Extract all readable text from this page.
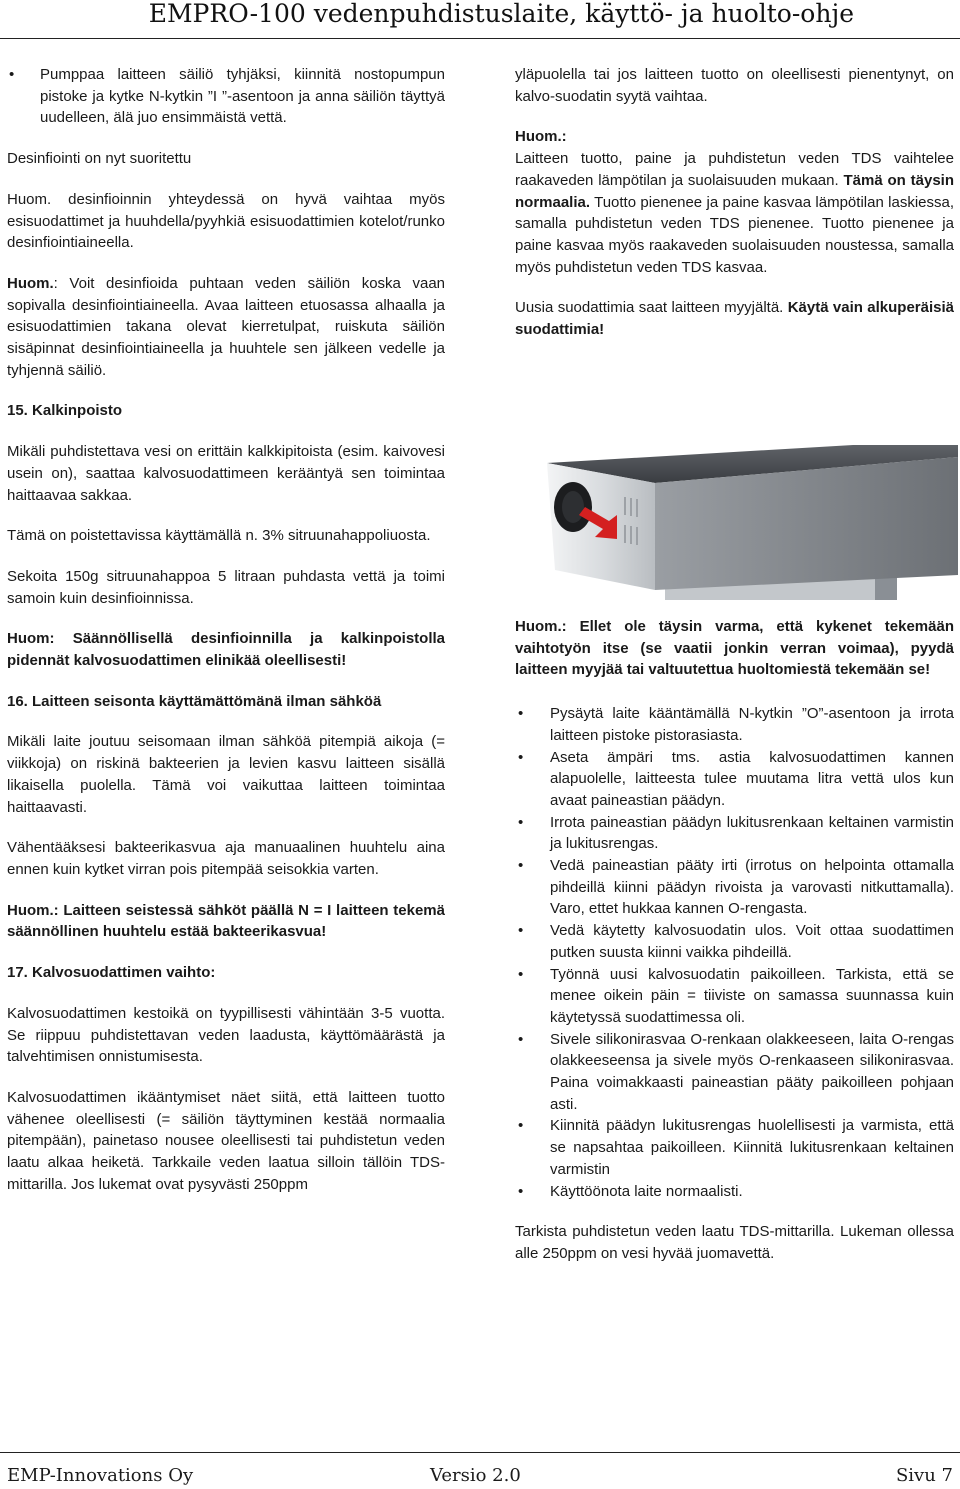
EMPRO-100 vedenpuhdistuslaite, käyttö- ja huolto-ohje
• Pumppaa laitteen säiliö tyhjäksi, kiinnitä nostopumpun pistoke ja kytke N-kytkin ”I ”-asentoon ja anna säiliön täyttyä uudelleen, älä juo ensimmäistä vettä.

Desinfiointi on nyt suoritettu

Huom. desinfioinnin yhteydessä on hyvä vaihtaa myös esisuodattimet ja huuhdella/pyyhkiä esisuodattimien kotelot/runko desinfiointiaineella.

Huom.: Voit desinfioida puhtaan veden säiliön koska vaan sopivalla desinfiointiaineella. Avaa laitteen etuosassa alhaalla ja esisuodattimien takana olevat kierretulpat, ruiskuta säiliön sisäpinnat desinfiointiaineella ja huuhtele sen jälkeen vedelle ja tyhjennä säiliö.

15. Kalkinpoisto

Mikäli puhdistettava vesi on erittäin kalkkipitoista (esim. kaivovesi usein on), saattaa kalvosuodattimeen kerääntyä sen toimintaa haittaavaa sakkaa.

Tämä on poistettavissa käyttämällä n. 3% sitruunahappoliuosta.

Sekoita 150g sitruunahappoa 5 litraan puhdasta vettä ja toimi samoin kuin desinfioinnissa.

Huom: Säännöllisellä desinfioinnilla ja kalkinpoistolla pidennät kalvosuodattimen elinikää oleellisesti!

16. Laitteen seisonta käyttämättömänä ilman sähköä

Mikäli laite joutuu seisomaan ilman sähköä pitempiä aikoja (= viikkoja) on riskinä bakteerien ja levien kasvu laitteen sisällä likaisella puolella. Tämä voi vaikuttaa laitteen toimintaa haittaavasti.

Vähentääksesi bakteerikasvua aja manuaalinen huuhtelu aina ennen kuin kytket virran pois pitempää seisokkia varten.

Huom.: Laitteen seistessä sähköt päällä N = I laitteen tekemä säännöllinen huuhtelu estää bakteerikasvua!

17. Kalvosuodattimen vaihto:

Kalvosuodattimen kestoikä on tyypillisesti vähintään 3-5 vuotta. Se riippuu puhdistettavan veden laadusta, käyttömäärästä ja talvehtimisen onnistumisesta.

Kalvosuodattimen ikääntymiset näet siitä, että laitteen tuotto vähenee oleellisesti (= säiliön täyttyminen kestää normaalia pitempään), painetaso nousee oleellisesti tai puhdistetun veden laatu alkaa heiketä. Tarkkaile veden laatua silloin tällöin TDS-mittarilla. Jos lukemat ovat pysyvästi 250ppm

yläpuolella tai jos laitteen tuotto on oleellisesti pienentynyt, on kalvo-suodatin syytä vaihtaa.

Huom.:
Laitteen tuotto, paine ja puhdistetun veden TDS vaihtelee raakaveden lämpötilan ja suolaisuuden mukaan. Tämä on täysin normaalia. Tuotto pienenee ja paine kasvaa lämpötilan laskiessa, samalla puhdistetun veden TDS pienenee. Tuotto pienenee ja paine kasvaa myös raakaveden suolaisuuden noustessa, samalla myös puhdistetun veden TDS kasvaa.

Uusia suodattimia saat laitteen myyjältä. Käytä vain alkuperäisiä suodattimia!

Huom.: Ellet ole täysin varma, että kykenet tekemään vaihtotyön itse (se vaatii jonkin verran voimaa), pyydä laitteen myyjää tai valtuutettua huoltomiestä tekemään se!

• Pysäytä laite kääntämällä N-kytkin ”O”-asentoon ja irrota laitteen pistoke pistorasiasta.
• Aseta ämpäri tms. astia kalvosuodattimen kannen alapuolelle, laitteesta tulee muutama litra vettä ulos kun avaat paineastian päädyn.
• Irrota paineastian päädyn lukitusrenkaan keltainen varmistin ja lukitusrengas.
• Vedä paineastian pääty irti (irrotus on helpointa ottamalla pihdeillä kiinni päädyn rivoista ja varovasti nitkuttamalla). Varo, ettet hukkaa kannen O-rengasta.
• Vedä käytetty kalvosuodatin ulos. Voit ottaa suodattimen putken suusta kiinni vaikka pihdeillä.
• Työnnä uusi kalvosuodatin paikoilleen. Tarkista, että se menee oikein päin = tiiviste on samassa suunnassa kuin käytetyssä suodattimessa oli.
• Sivele silikonirasvaa O-renkaan olakkeeseen, laita O-rengas olakkeeseensa ja sivele myös O-renkaaseen silikonirasvaa. Paina voimakkaasti paineastian pääty paikoilleen pohjaan asti.
• Kiinnitä päädyn lukitusrengas huolellisesti ja varmista, että se napsahtaa paikoilleen. Kiinnitä lukitusrenkaan keltainen varmistin
• Käyttöönota laite normaalisti.

Tarkista puhdistetun veden laatu TDS-mittarilla. Lukeman ollessa alle 250ppm on vesi hyvää juomavettä.

EMP-Innovations Oy	Versio 2.0	Sivu 7
